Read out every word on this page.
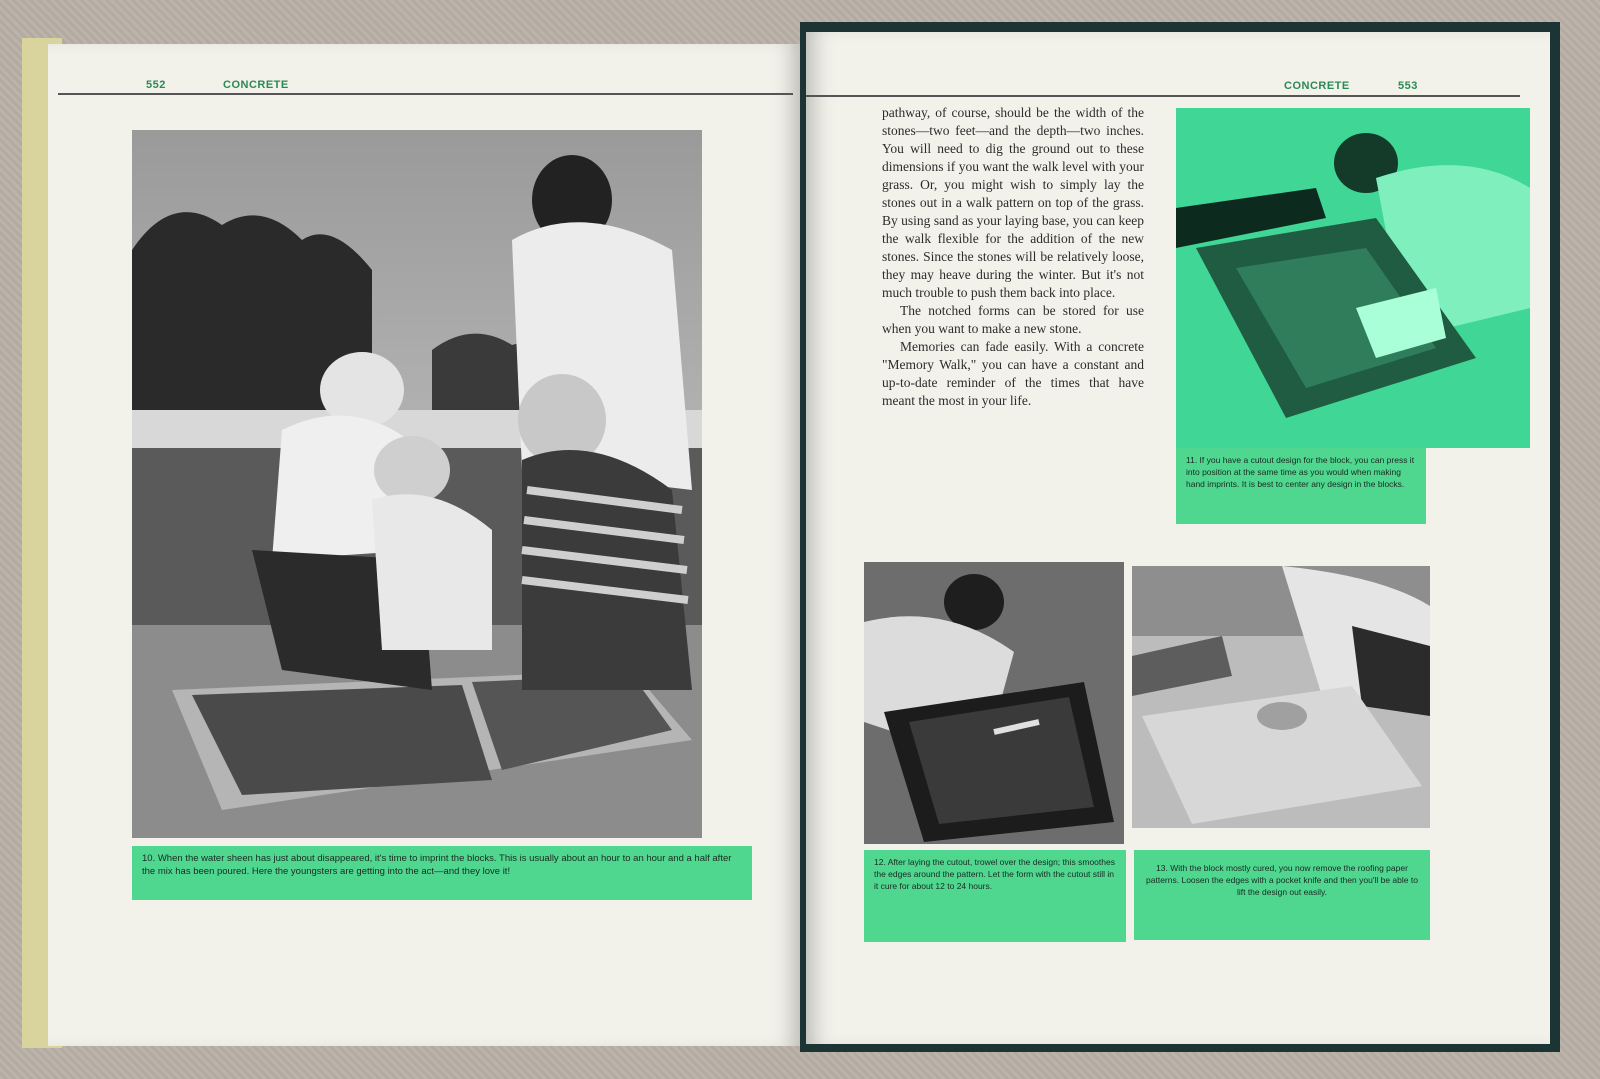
552	CONCRETE
10. When the water sheen has just about disappeared, it's time to imprint the blocks. This is usually about an hour to an hour and a half after the mix has been poured. Here the youngsters are getting into the act—and they love it!
CONCRETE	553

pathway, of course, should be the width of the stones—two feet—and the depth—two inches. You will need to dig the ground out to these dimensions if you want the walk level with your grass. Or, you might wish to simply lay the stones out in a walk pattern on top of the grass. By using sand as your laying base, you can keep the walk flexible for the addition of the new stones. Since the stones will be relatively loose, they may heave during the winter. But it's not much trouble to push them back into place.

The notched forms can be stored for use when you want to make a new stone.

Memories can fade easily. With a concrete "Memory Walk," you can have a constant and up-to-date reminder of the times that have meant the most in your life.

11. If you have a cutout design for the block, you can press it into position at the same time as you would when making hand imprints. It is best to center any design in the blocks.
12. After laying the cutout, trowel over the design; this smoothes the edges around the pattern. Let the form with the cutout still in it cure for about 12 to 24 hours.
13. With the block mostly cured, you now remove the roofing paper patterns. Loosen the edges with a pocket knife and then you'll be able to lift the design out easily.
